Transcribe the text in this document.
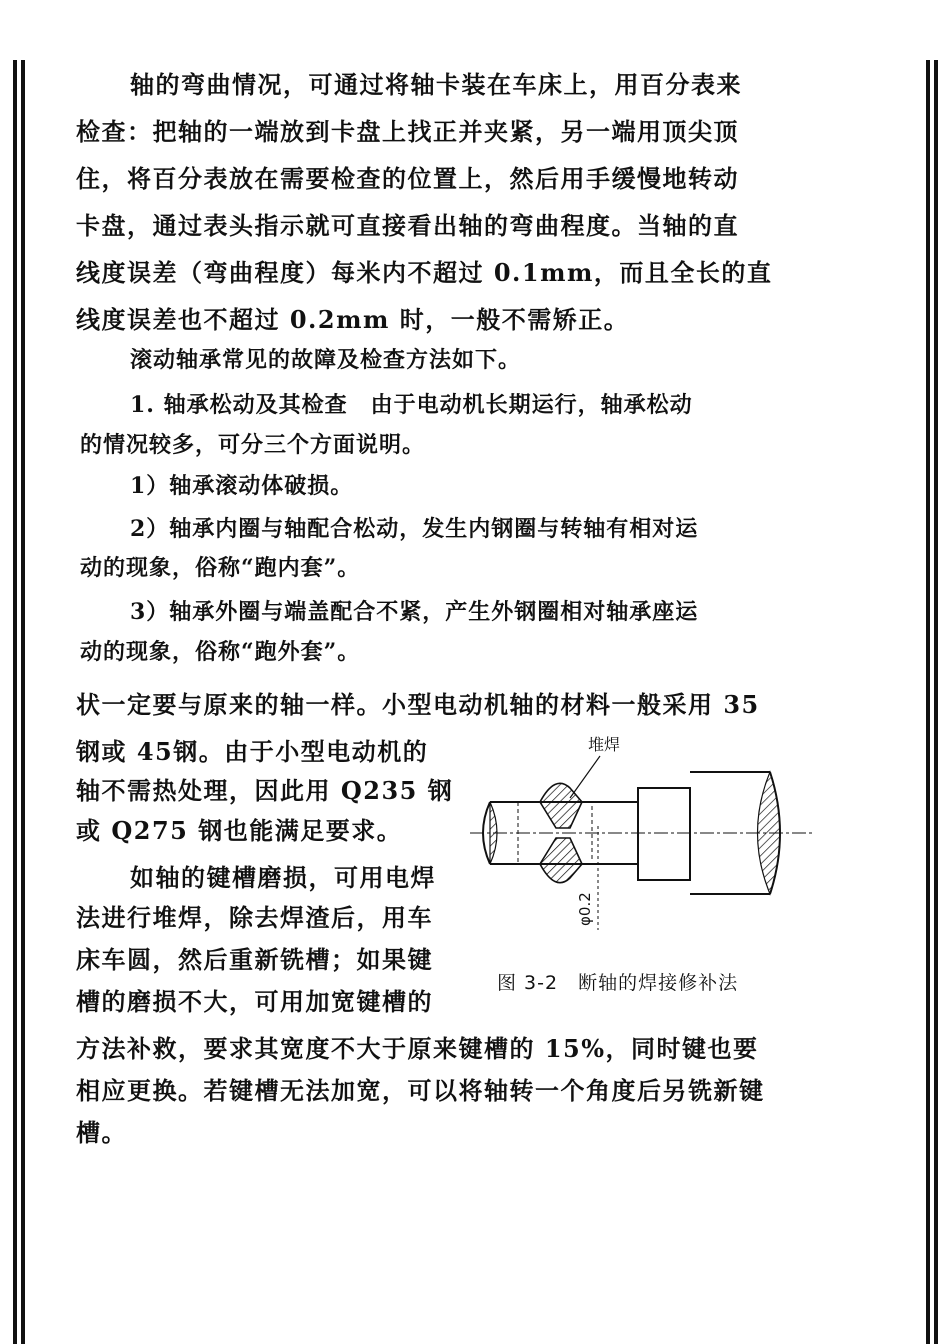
轴的弯曲情况，可通过将轴卡装在车床上，用百分表来
检查：把轴的一端放到卡盘上找正并夹紧，另一端用顶尖顶
住，将百分表放在需要检查的位置上，然后用手缓慢地转动
卡盘，通过表头指示就可直接看出轴的弯曲程度。当轴的直
线度误差（弯曲程度）每米内不超过 0.1mm，而且全长的直
线度误差也不超过 0.2mm 时，一般不需矫正。
滚动轴承常见的故障及检查方法如下。
1. 轴承松动及其检查　由于电动机长期运行，轴承松动
的情况较多，可分三个方面说明。
1）轴承滚动体破损。
2）轴承内圈与轴配合松动，发生内钢圈与转轴有相对运
动的现象，俗称“跑内套”。
3）轴承外圈与端盖配合不紧，产生外钢圈相对轴承座运
动的现象，俗称“跑外套”。
状一定要与原来的轴一样。小型电动机轴的材料一般采用 35
钢或 45钢。由于小型电动机的
轴不需热处理，因此用 Q235 钢
或 Q275 钢也能满足要求。
如轴的键槽磨损，可用电焊
法进行堆焊，除去焊渣后，用车
床车圆，然后重新铣槽；如果键
槽的磨损不大，可用加宽键槽的
方法补救，要求其宽度不大于原来键槽的 15%，同时键也要
相应更换。若键槽无法加宽，可以将轴转一个角度后另铣新键
槽。
堆焊
φ0.2
图 3-2　断轴的焊接修补法
